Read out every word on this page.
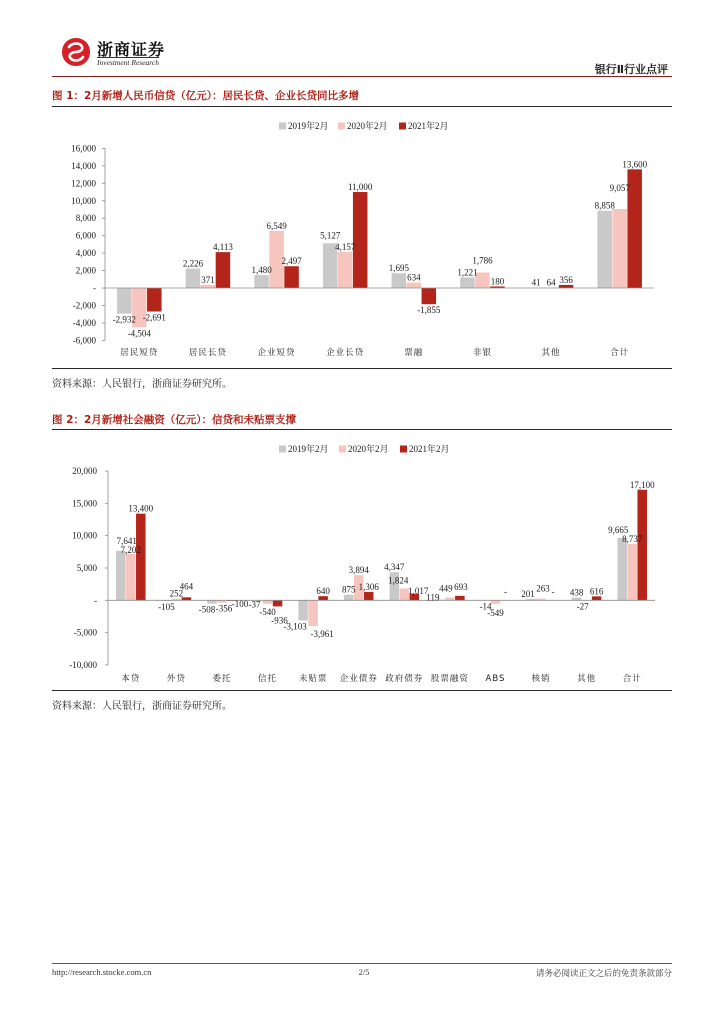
浙商证券
Investment Research
银行Ⅱ行业点评
图 1：2月新增人民币信贷（亿元）：居民长贷、企业长贷同比多增
16,000
14,000
12,000
10,000
8,000
6,000
4,000
2,000
-
-2,000
-4,000
-6,000
-2,932
2,226
1,480
5,127
1,695	1,221
41
8,858
-4,504
371
6,549
4,157
634
1,786
64
9,057
-2,691
4,113
2,497
11,000
-1,855
180	356
13,600
居民短贷	居民长贷	企业短贷	企业长贷	票融	非银	其他	合计
2019年2月 2020年2月 2021年2月
资料来源：人民银行，浙商证券研究所。
图 2：2月新增社会融资（亿元）：信贷和未贴票支撑
20,000
15,000
10,000
5,000
-
-5,000
-10,000
7,641
-105	-508
-37
-3,103
875
4,347
119
-14
201	438
9,665
7,202
252
-356	-540
-3,961
3,894
1,824
449
-549
263
-27
8,737
13,400
464
-100
-936
640	1,306	1,017	693	-	-	616
17,100
本贷	外贷	委托	信托	未贴票 企业债券 政府债券 股票融资 ABS	核销	其他	合计
2019年2月 2020年2月 2021年2月
资料来源：人民银行，浙商证券研究所。
http://research.stocke.com.cn	2/5	请务必阅读正文之后的免责条款部分
